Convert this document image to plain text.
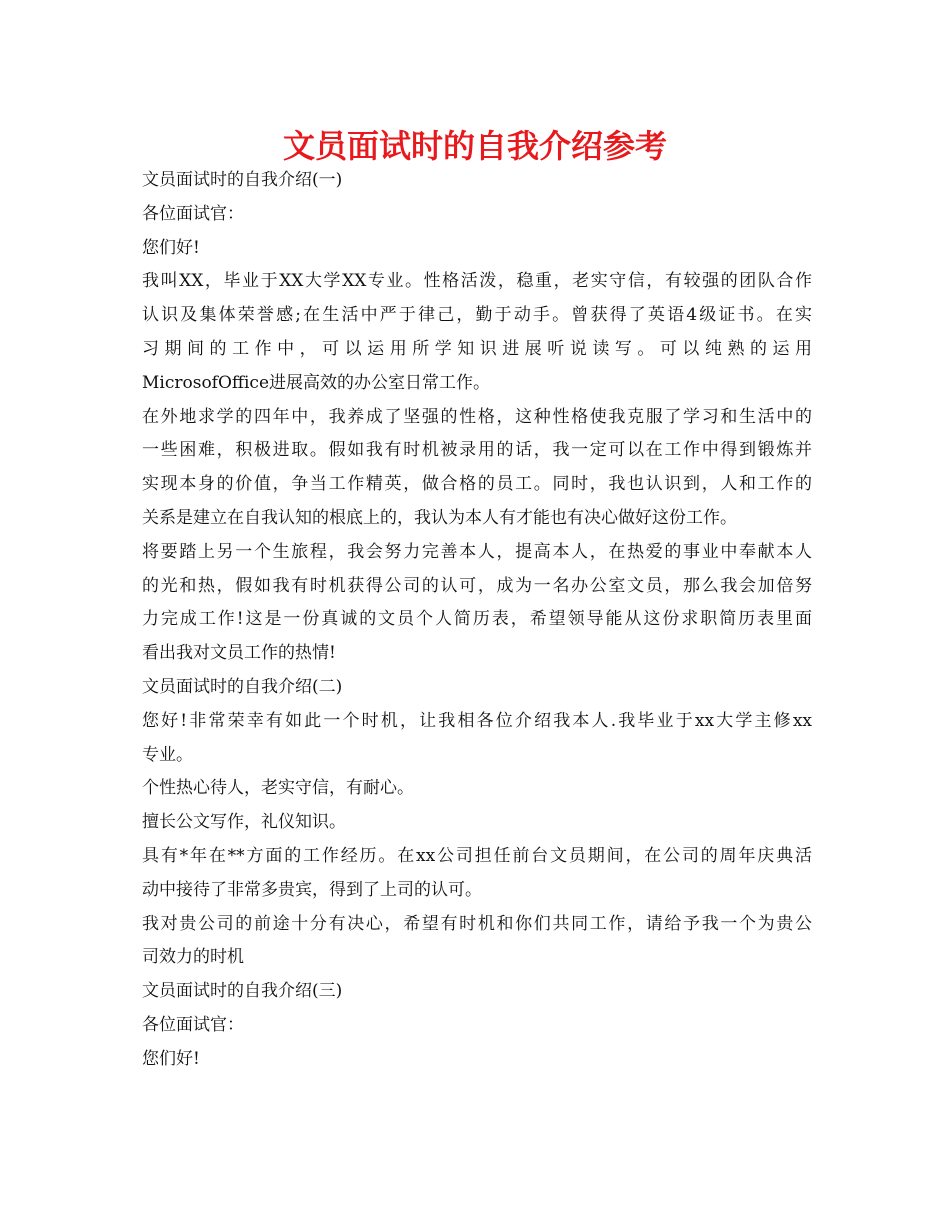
文员面试时的自我介绍参考
文员面试时的自我介绍(一)
各位面试官：
您们好!
我叫XX，毕业于XX大学XX专业。性格活泼，稳重，老实守信，有较强的团队合作
认识及集体荣誉感;在生活中严于律己，勤于动手。曾获得了英语4级证书。在实
习期间的工作中，可以运用所学知识进展听说读写。可以纯熟的运用
MicrosofOffice进展高效的办公室日常工作。
在外地求学的四年中，我养成了坚强的性格，这种性格使我克服了学习和生活中的
一些困难，积极进取。假如我有时机被录用的话，我一定可以在工作中得到锻炼并
实现本身的价值，争当工作精英，做合格的员工。同时，我也认识到，人和工作的
关系是建立在自我认知的根底上的，我认为本人有才能也有决心做好这份工作。
将要踏上另一个生旅程，我会努力完善本人，提高本人，在热爱的事业中奉献本人
的光和热，假如我有时机获得公司的认可，成为一名办公室文员，那么我会加倍努
力完成工作!这是一份真诚的文员个人简历表，希望领导能从这份求职简历表里面
看出我对文员工作的热情!
文员面试时的自我介绍(二)
您好!非常荣幸有如此一个时机，让我相各位介绍我本人.我毕业于xx大学主修xx
专业。
个性热心待人，老实守信，有耐心。
擅长公文写作，礼仪知识。
具有*年在**方面的工作经历。在xx公司担任前台文员期间，在公司的周年庆典活
动中接待了非常多贵宾，得到了上司的认可。
我对贵公司的前途十分有决心，希望有时机和你们共同工作，请给予我一个为贵公
司效力的时机
文员面试时的自我介绍(三)
各位面试官：
您们好!
